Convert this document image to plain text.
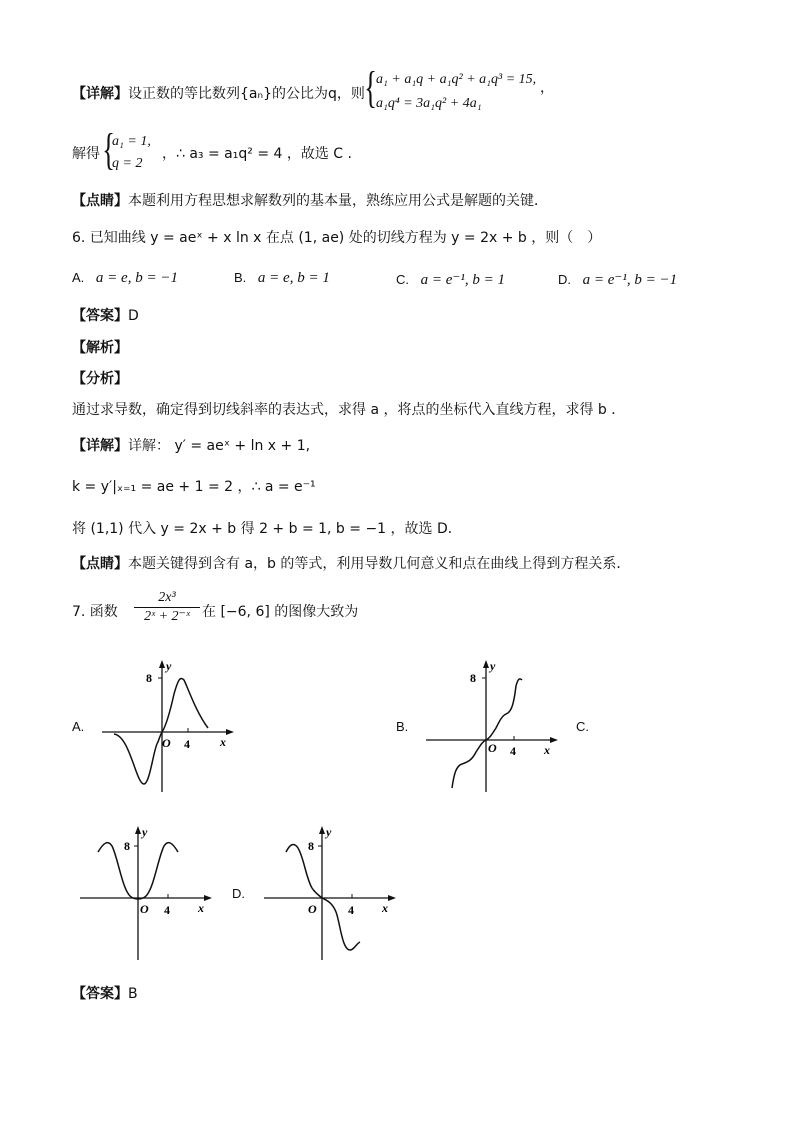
【详解】设正数的等比数列{aₙ}的公比为q，则 { a₁ + a₁q + a₁q² + a₁q³ = 15,
a₁q⁴ = 3a₁q² + 4a₁
，
解得 {
a₁ = 1,
q = 2
，∴ a₃ = a₁q² = 4 ，故选 C .
【点睛】本题利用方程思想求解数列的基本量，熟练应用公式是解题的关键．
6. 已知曲线 y = aeˣ + x ln x 在点 (1, ae) 处的切线方程为 y = 2x + b ，则（　）
A. a = e, b = −1	B. a = e, b = 1	C. a = e⁻¹, b = 1	D. a = e⁻¹, b = −1
【答案】D
【解析】
【分析】
通过求导数，确定得到切线斜率的表达式，求得 a ，将点的坐标代入直线方程，求得 b ．
【详解】详解： y′ = aeˣ + ln x + 1,
k = y′|ₓ₌₁ = ae + 1 = 2 ，∴ a = e⁻¹
将 (1,1) 代入 y = 2x + b 得 2 + b = 1, b = −1 ，故选 D．
【点睛】本题关键得到含有 a，b 的等式，利用导数几何意义和点在曲线上得到方程关系．
7. 函数
2x³
2ˣ + 2⁻ˣ 在 [−6, 6] 的图像大致为
A.
y
8
O 4	x
B.
y
8
O 4 x
C.
y
8
O 4 x
D.
y
8
O	4 x
【答案】B
